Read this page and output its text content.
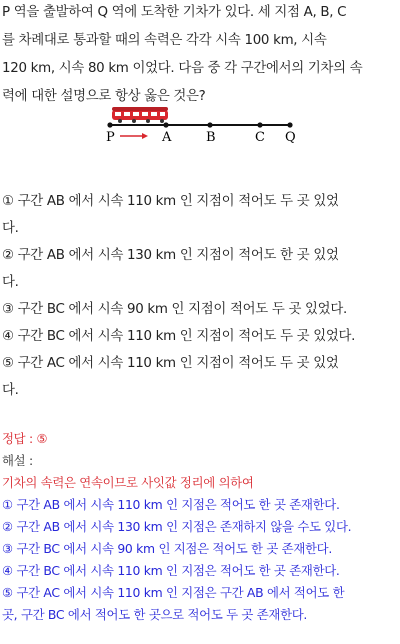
P 역을 출발하여 Q 역에 도착한 기차가 있다. 세 지점 A, B, C
를 차례대로 통과할 때의 속력은 각각 시속 100 km, 시속
120 km, 시속 80 km 이었다. 다음 중 각 구간에서의 기차의 속
력에 대한 설명으로 항상 옳은 것은?
P	A	B	C Q
① 구간 AB 에서 시속 110 km 인 지점이 적어도 두 곳 있었
다.
② 구간 AB 에서 시속 130 km 인 지점이 적어도 한 곳 있었
다.
③ 구간 BC 에서 시속 90 km 인 지점이 적어도 두 곳 있었다.
④ 구간 BC 에서 시속 110 km 인 지점이 적어도 두 곳 있었다.
⑤ 구간 AC 에서 시속 110 km 인 지점이 적어도 두 곳 있었
다.
정답 : ⑤
해설 :
기차의 속력은 연속이므로 사잇값 정리에 의하여
① 구간 AB 에서 시속 110 km 인 지점은 적어도 한 곳 존재한다.
② 구간 AB 에서 시속 130 km 인 지점은 존재하지 않을 수도 있다.
③ 구간 BC 에서 시속 90 km 인 지점은 적어도 한 곳 존재한다.
④ 구간 BC 에서 시속 110 km 인 지점은 적어도 한 곳 존재한다.
⑤ 구간 AC 에서 시속 110 km 인 지점은 구간 AB 에서 적어도 한
곳, 구간 BC 에서 적어도 한 곳으로 적어도 두 곳 존재한다.
